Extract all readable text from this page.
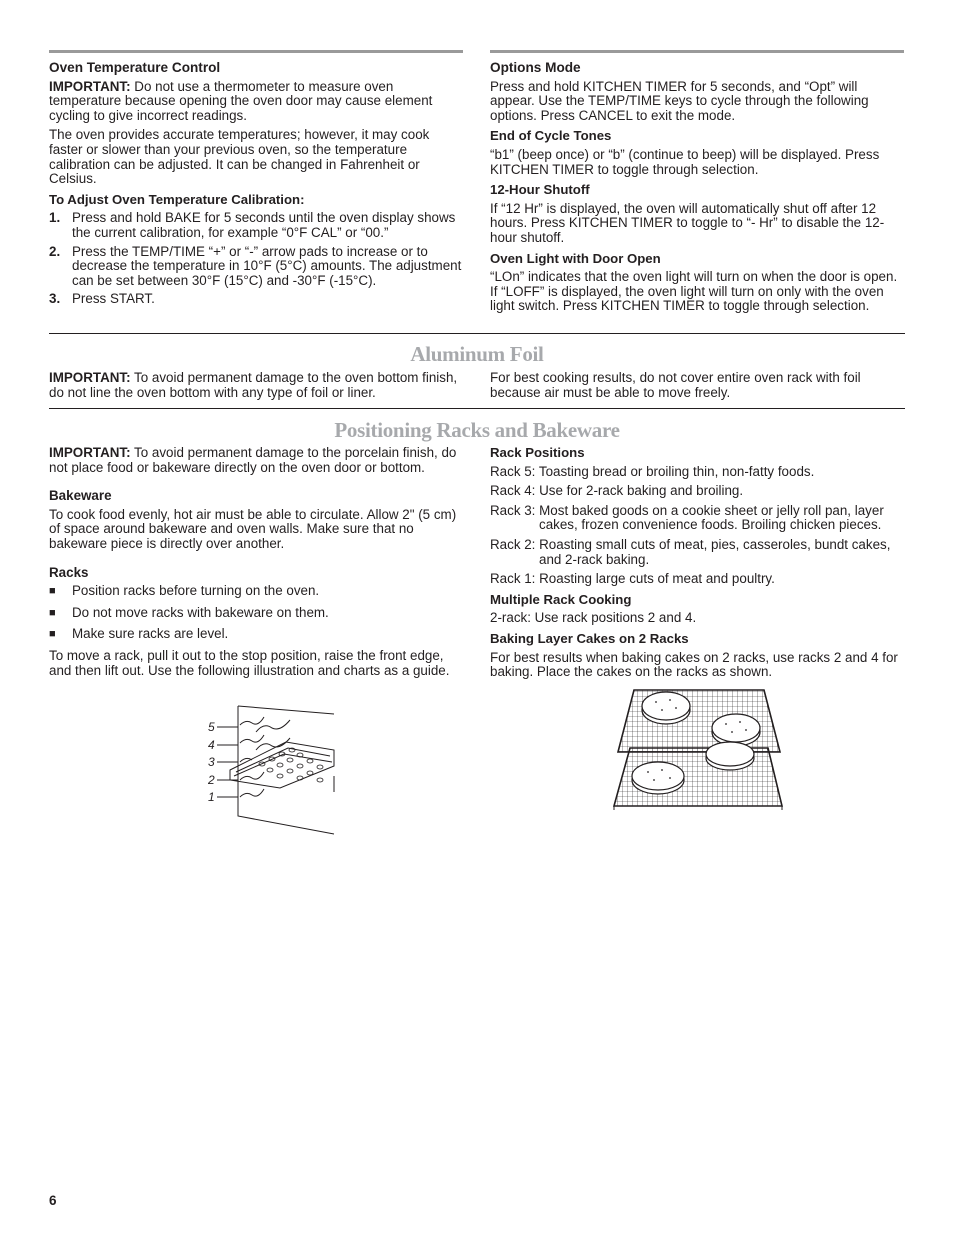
Oven Temperature Control

IMPORTANT: Do not use a thermometer to measure oven temperature because opening the oven door may cause element cycling to give incorrect readings.

The oven provides accurate temperatures; however, it may cook faster or slower than your previous oven, so the temperature calibration can be adjusted. It can be changed in Fahrenheit or Celsius.

To Adjust Oven Temperature Calibration:
1. Press and hold BAKE for 5 seconds until the oven display shows the current calibration, for example “0°F CAL” or “00.”
2. Press the TEMP/TIME “+” or “-” arrow pads to increase or to decrease the temperature in 10°F (5°C) amounts. The adjustment can be set between 30°F (15°C) and -30°F (-15°C).
3. Press START.
Options Mode

Press and hold KITCHEN TIMER for 5 seconds, and “Opt” will appear. Use the TEMP/TIME keys to cycle through the following options. Press CANCEL to exit the mode.

End of Cycle Tones

“b1” (beep once) or “b” (continue to beep) will be displayed. Press KITCHEN TIMER to toggle through selection.

12-Hour Shutoff

If “12 Hr” is displayed, the oven will automatically shut off after 12 hours. Press KITCHEN TIMER to toggle to “- Hr” to disable the 12-hour shutoff.

Oven Light with Door Open

“LOn” indicates that the oven light will turn on when the door is open. If “LOFF” is displayed, the oven light will turn on only with the oven light switch. Press KITCHEN TIMER to toggle through selection.

Aluminum Foil

IMPORTANT: To avoid permanent damage to the oven bottom finish, do not line the oven bottom with any type of foil or liner.

For best cooking results, do not cover entire oven rack with foil because air must be able to move freely.

Positioning Racks and Bakeware

IMPORTANT: To avoid permanent damage to the porcelain finish, do not place food or bakeware directly on the oven door or bottom.

Bakeware

To cook food evenly, hot air must be able to circulate. Allow 2" (5 cm) of space around bakeware and oven walls. Make sure that no bakeware piece is directly over another.

Racks
■ Position racks before turning on the oven.
■ Do not move racks with bakeware on them.
■ Make sure racks are level.

To move a rack, pull it out to the stop position, raise the front edge, and then lift out. Use the following illustration and charts as a guide.

5
4
3
2
1
Rack Positions

Rack 5: Toasting bread or broiling thin, non-fatty foods.

Rack 4: Use for 2-rack baking and broiling.

Rack 3: Most baked goods on a cookie sheet or jelly roll pan, layer cakes, frozen convenience foods. Broiling chicken pieces.

Rack 2: Roasting small cuts of meat, pies, casseroles, bundt cakes, and 2-rack baking.

Rack 1: Roasting large cuts of meat and poultry.

Multiple Rack Cooking

2-rack: Use rack positions 2 and 4.

Baking Layer Cakes on 2 Racks

For best results when baking cakes on 2 racks, use racks 2 and 4 for baking. Place the cakes on the racks as shown.

6
